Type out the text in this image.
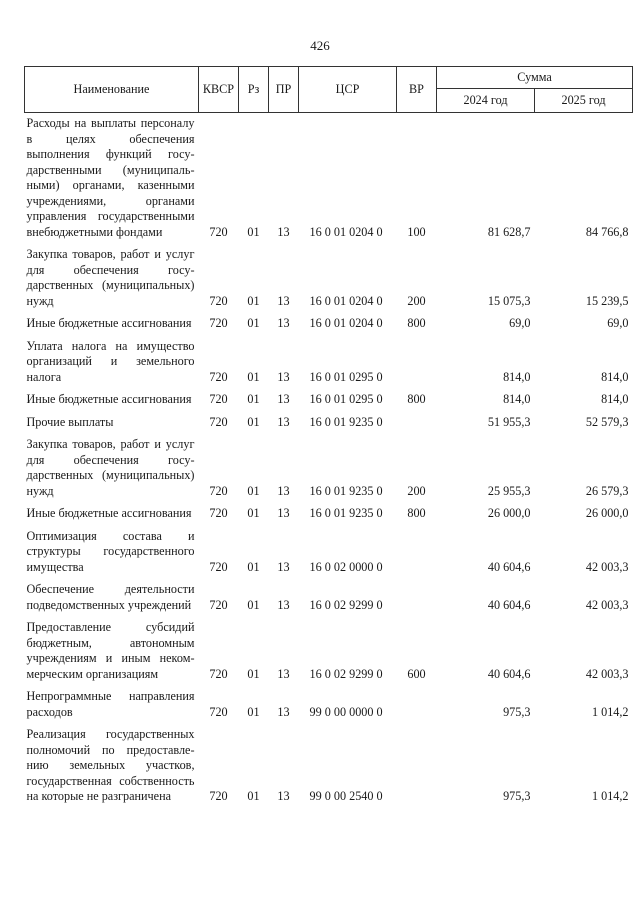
426
Наименование	КВСР	Рз	ПР	ЦСР	ВР	Сумма	
						2024 год	2025 год
Расходы на выплаты персоналу в целях обеспечения выполнения функций государственными (муниципальными) органами, казенными учреждениями, органами управления государственными внебюджетными фондами	720	01	13	16 0 01 0204 0	100	81 628,7	84 766,8
Закупка товаров, работ и услуг для обеспечения государственных (муниципальных) нужд	720	01	13	16 0 01 0204 0	200	15 075,3	15 239,5
Иные бюджетные ассигнования	720	01	13	16 0 01 0204 0	800	69,0	69,0
Уплата налога на имущество организаций и земельного налога	720	01	13	16 0 01 0295 0		814,0	814,0
Иные бюджетные ассигнования	720	01	13	16 0 01 0295 0	800	814,0	814,0
Прочие выплаты	720	01	13	16 0 01 9235 0		51 955,3	52 579,3
Закупка товаров, работ и услуг для обеспечения государственных (муниципальных) нужд	720	01	13	16 0 01 9235 0	200	25 955,3	26 579,3
Иные бюджетные ассигнования	720	01	13	16 0 01 9235 0	800	26 000,0	26 000,0
Оптимизация состава и структуры государственного имущества	720	01	13	16 0 02 0000 0		40 604,6	42 003,3
Обеспечение деятельности подведомственных учреждений	720	01	13	16 0 02 9299 0		40 604,6	42 003,3
Предоставление субсидий бюджетным, автономным учреждениям и иным некоммерческим организациям	720	01	13	16 0 02 9299 0	600	40 604,6	42 003,3
Непрограммные направления расходов	720	01	13	99 0 00 0000 0		975,3	1 014,2
Реализация государственных полномочий по предоставлению земельных участков, государственная собственность на которые не разграничена	720	01	13	99 0 00 2540 0		975,3	1 014,2
